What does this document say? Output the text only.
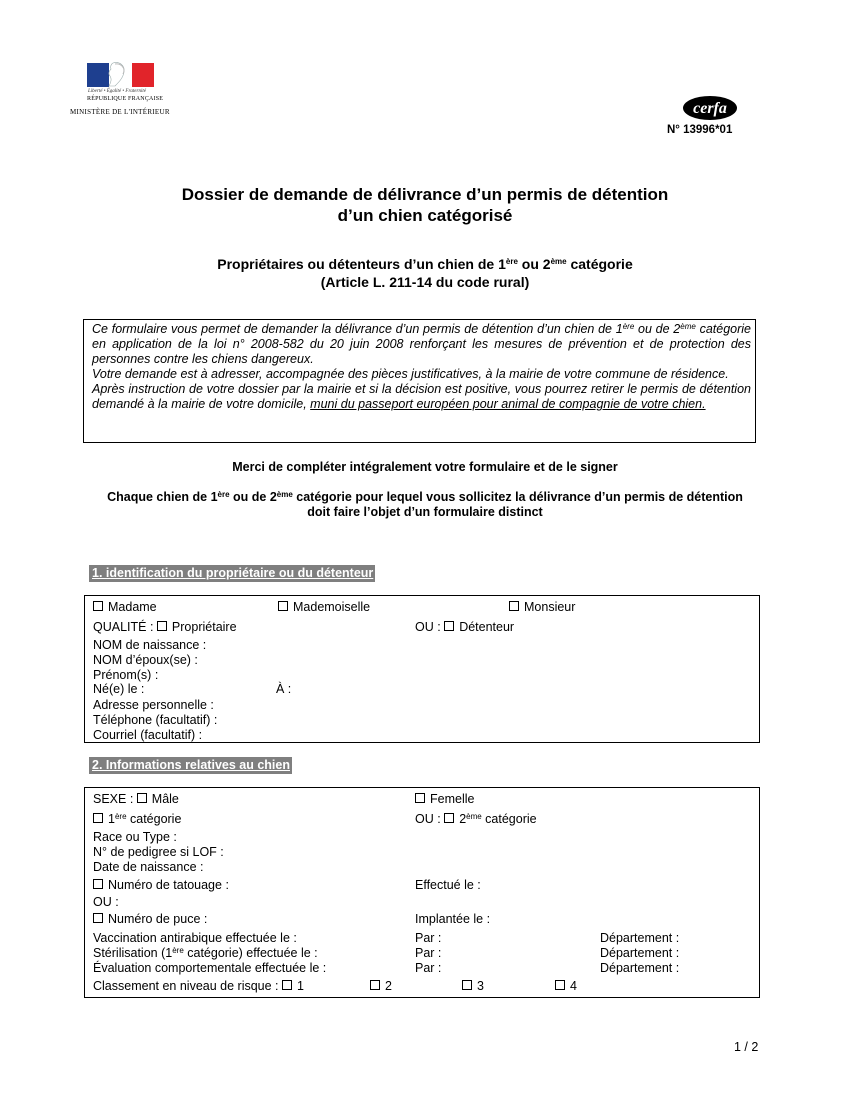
Liberté • Égalité • Fraternité
RÉPUBLIQUE FRANÇAISE
MINISTÈRE DE L'INTÉRIEUR	cerfa
N° 13996*01
Dossier de demande de délivrance d’un permis de détention
d’un chien catégorisé
Propriétaires ou détenteurs d’un chien de 1ère ou 2ème catégorie
(Article L. 211-14 du code rural)

Ce formulaire vous permet de demander la délivrance d’un permis de détention d’un chien de 1ère ou de 2ème catégorie en application de la loi n° 2008-582 du 20 juin 2008 renforçant les mesures de prévention et de protection des personnes contre les chiens dangereux.

Votre demande est à adresser, accompagnée des pièces justificatives, à la mairie de votre commune de résidence.

Après instruction de votre dossier par la mairie et si la décision est positive, vous pourrez retirer le permis de détention demandé à la mairie de votre domicile, muni du passeport européen pour animal de compagnie de votre chien.

Merci de compléter intégralement votre formulaire et de le signer
Chaque chien de 1ère ou de 2ème catégorie pour lequel vous sollicitez la délivrance d’un permis de détention
doit faire l’objet d’un formulaire distinct
1. identification du propriétaire ou du détenteur
Madame	Mademoiselle	Monsieur
QUALITÉ : Propriétaire	OU : Détenteur
NOM de naissance :
NOM d’époux(se) :
Prénom(s) :
Né(e) le :	À :
Adresse personnelle :
Téléphone (facultatif) :
Courriel (facultatif) :
2. Informations relatives au chien
SEXE : Mâle	Femelle
1ère catégorie	OU : 2ème catégorie
Race ou Type :
N° de pedigree si LOF :
Date de naissance :
Numéro de tatouage :	Effectué le :
OU :
Numéro de puce :	Implantée le :
Vaccination antirabique effectuée le :	Par :	Département :
Stérilisation (1ère catégorie) effectuée le :	Par :	Département :
Évaluation comportementale effectuée le :	Par :	Département :
Classement en niveau de risque : 1	2	3	4
1 / 2
